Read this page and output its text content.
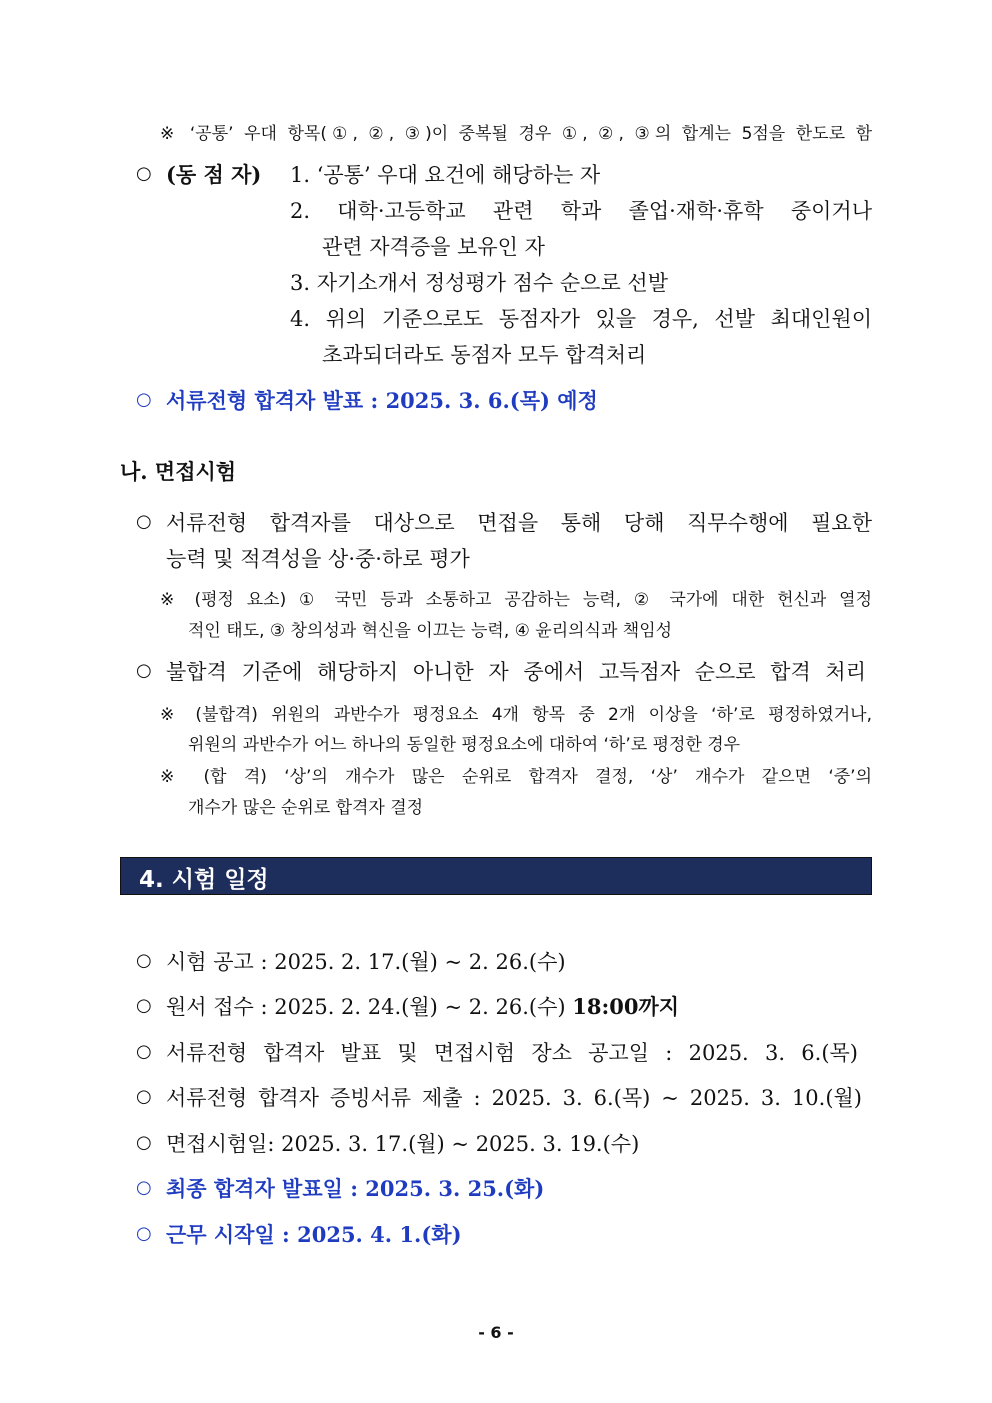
※ ‘공통’ 우대 항목(①, ②, ③)이 중복될 경우 ①, ②, ③의 합계는 5점을 한도로 함
○ (동 점 자) 1. ‘공통’ 우대 요건에 해당하는 자
2. 대학·고등학교 관련 학과 졸업·재학·휴학 중이거나
관련 자격증을 보유인 자
3. 자기소개서 정성평가 점수 순으로 선발
4. 위의 기준으로도 동점자가 있을 경우, 선발 최대인원이
초과되더라도 동점자 모두 합격처리
○ 서류전형 합격자 발표 : 2025. 3. 6.(목) 예정
나. 면접시험
○ 서류전형 합격자를 대상으로 면접을 통해 당해 직무수행에 필요한
능력 및 적격성을 상·중·하로 평가
※ (평정 요소) ① 국민 등과 소통하고 공감하는 능력, ② 국가에 대한 헌신과 열정
적인 태도, ③ 창의성과 혁신을 이끄는 능력, ④ 윤리의식과 책임성
○ 불합격 기준에 해당하지 아니한 자 중에서 고득점자 순으로 합격 처리
※ (불합격) 위원의 과반수가 평정요소 4개 항목 중 2개 이상을 ‘하’로 평정하였거나,
위원의 과반수가 어느 하나의 동일한 평정요소에 대하여 ‘하’로 평정한 경우
※ (합 격) ‘상’의 개수가 많은 순위로 합격자 결정, ‘상’ 개수가 같으면 ‘중’의
개수가 많은 순위로 합격자 결정
4. 시험 일정
○ 시험 공고 : 2025. 2. 17.(월) ~ 2. 26.(수)
○ 원서 접수 : 2025. 2. 24.(월) ~ 2. 26.(수) 18:00까지
○ 서류전형 합격자 발표 및 면접시험 장소 공고일 : 2025. 3. 6.(목)
○ 서류전형 합격자 증빙서류 제출 : 2025. 3. 6.(목) ~ 2025. 3. 10.(월)
○ 면접시험일: 2025. 3. 17.(월) ~ 2025. 3. 19.(수)
○ 최종 합격자 발표일 : 2025. 3. 25.(화)
○ 근무 시작일 : 2025. 4. 1.(화)
- 6 -
